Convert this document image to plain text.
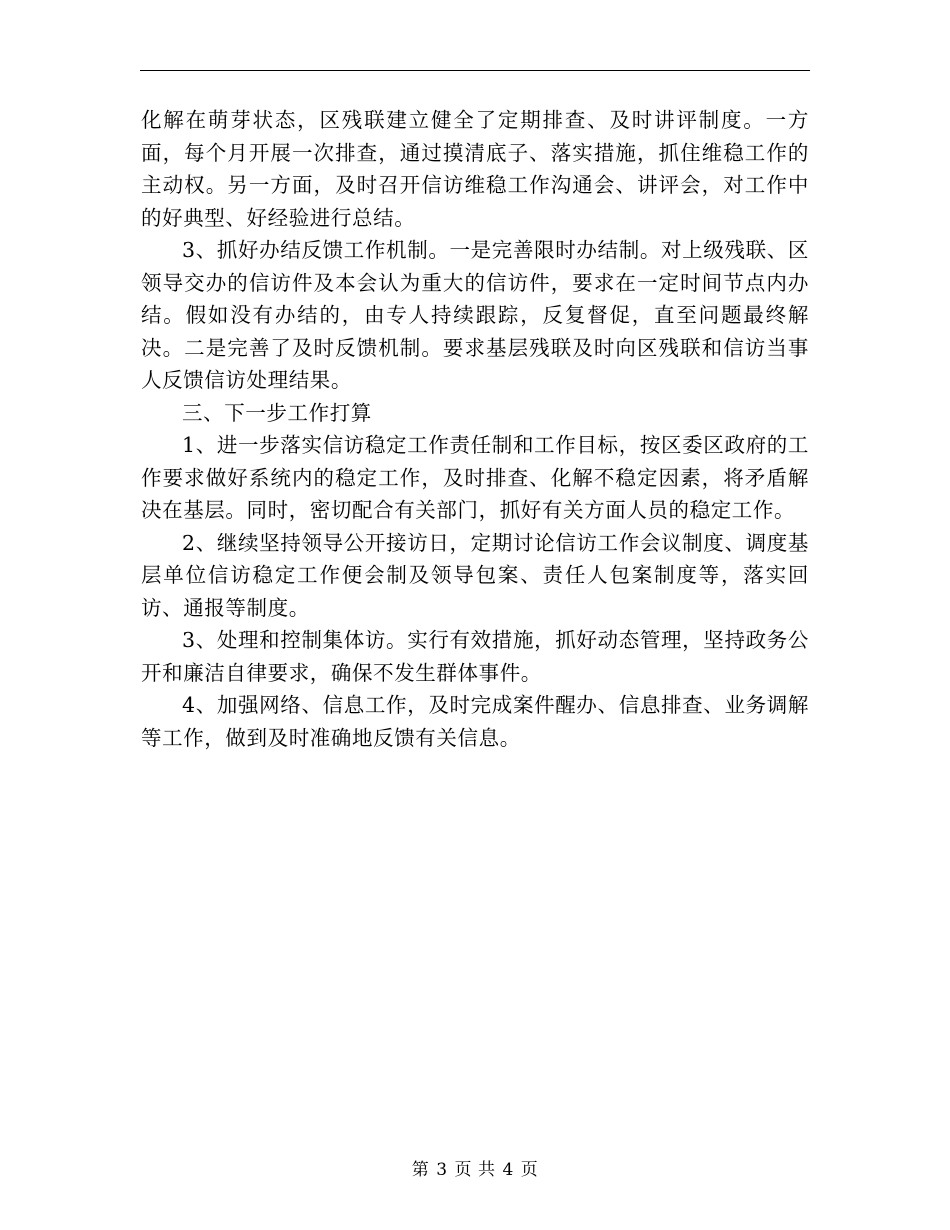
化解在萌芽状态，区残联建立健全了定期排查、及时讲评制度。一方面，每个月开展一次排查，通过摸清底子、落实措施，抓住维稳工作的主动权。另一方面，及时召开信访维稳工作沟通会、讲评会，对工作中的好典型、好经验进行总结。

3、抓好办结反馈工作机制。一是完善限时办结制。对上级残联、区领导交办的信访件及本会认为重大的信访件，要求在一定时间节点内办结。假如没有办结的，由专人持续跟踪，反复督促，直至问题最终解决。二是完善了及时反馈机制。要求基层残联及时向区残联和信访当事人反馈信访处理结果。

三、下一步工作打算

1、进一步落实信访稳定工作责任制和工作目标，按区委区政府的工作要求做好系统内的稳定工作，及时排查、化解不稳定因素，将矛盾解决在基层。同时，密切配合有关部门，抓好有关方面人员的稳定工作。

2、继续坚持领导公开接访日，定期讨论信访工作会议制度、调度基层单位信访稳定工作便会制及领导包案、责任人包案制度等，落实回访、通报等制度。

3、处理和控制集体访。实行有效措施，抓好动态管理，坚持政务公开和廉洁自律要求，确保不发生群体事件。

4、加强网络、信息工作，及时完成案件醒办、信息排查、业务调解等工作，做到及时准确地反馈有关信息。

第 3 页 共 4 页
